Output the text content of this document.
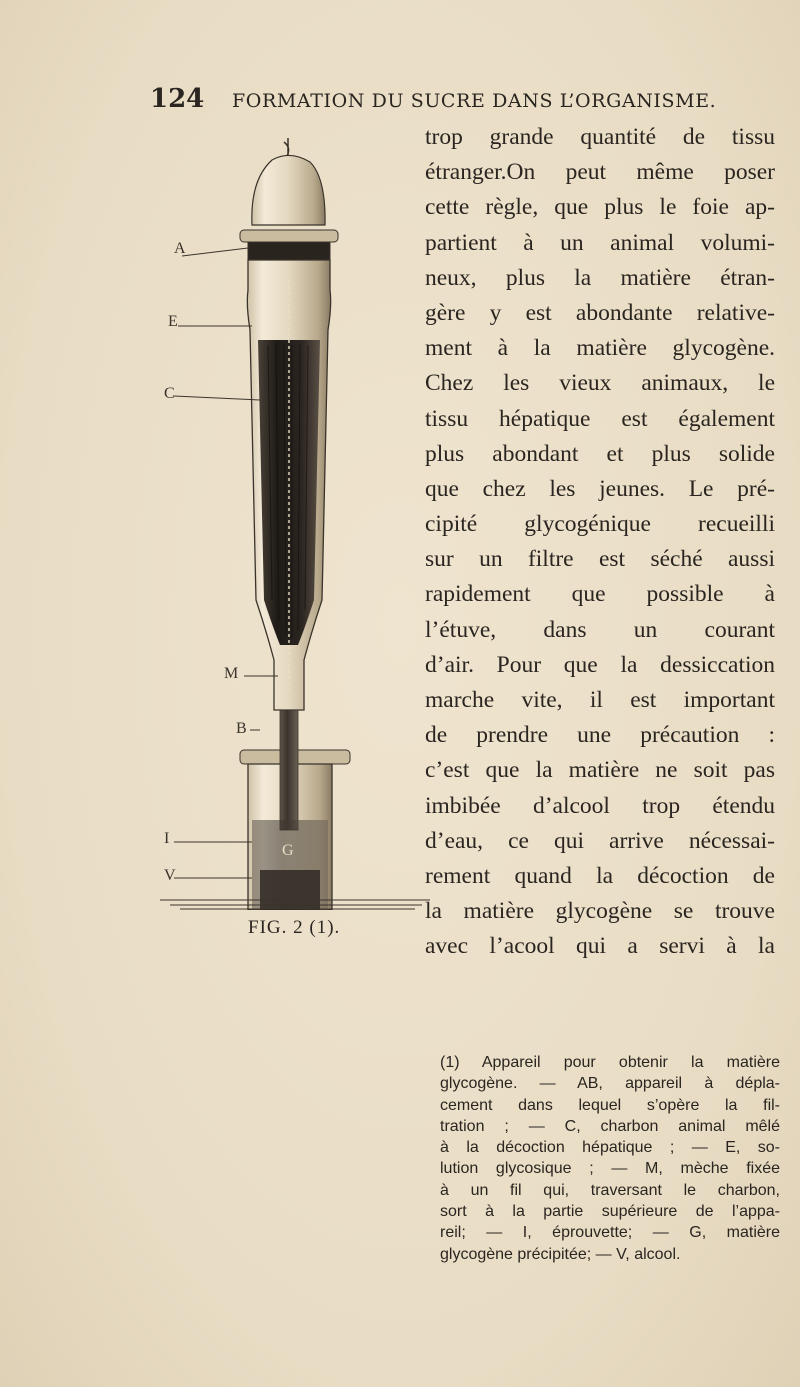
124 FORMATION DU SUCRE DANS L’ORGANISME.
trop grande quantité de tissu
étranger.On peut même poser
cette règle, que plus le foie ap-
partient à un animal volumi-
neux, plus la matière étran-
gère y est abondante relative-
ment à la matière glycogène.
Chez les vieux animaux, le
tissu hépatique est également
plus abondant et plus solide
que chez les jeunes. Le pré-
cipité glycogénique recueilli
sur un filtre est séché aussi
rapidement que possible à
l’étuve, dans un courant
d’air. Pour que la dessiccation
marche vite, il est important
de prendre une précaution :
c’est que la matière ne soit pas
imbibée d’alcool trop étendu
d’eau, ce qui arrive nécessai-
rement quand la décoction de
la matière glycogène se trouve
avec l’acool qui a servi à la
A
E
C
M
B
I
V
G
FIG. 2 (1).
(1) Appareil pour obtenir la matière
glycogène. — AB, appareil à dépla-
cement dans lequel s’opère la fil-
tration ; — C, charbon animal mêlé
à la décoction hépatique ; — E, so-
lution glycosique ; — M, mèche fixée
à un fil qui, traversant le charbon,
sort à la partie supérieure de l’appa-
reil; — I, éprouvette; — G, matière
glycogène précipitée; — V, alcool.
